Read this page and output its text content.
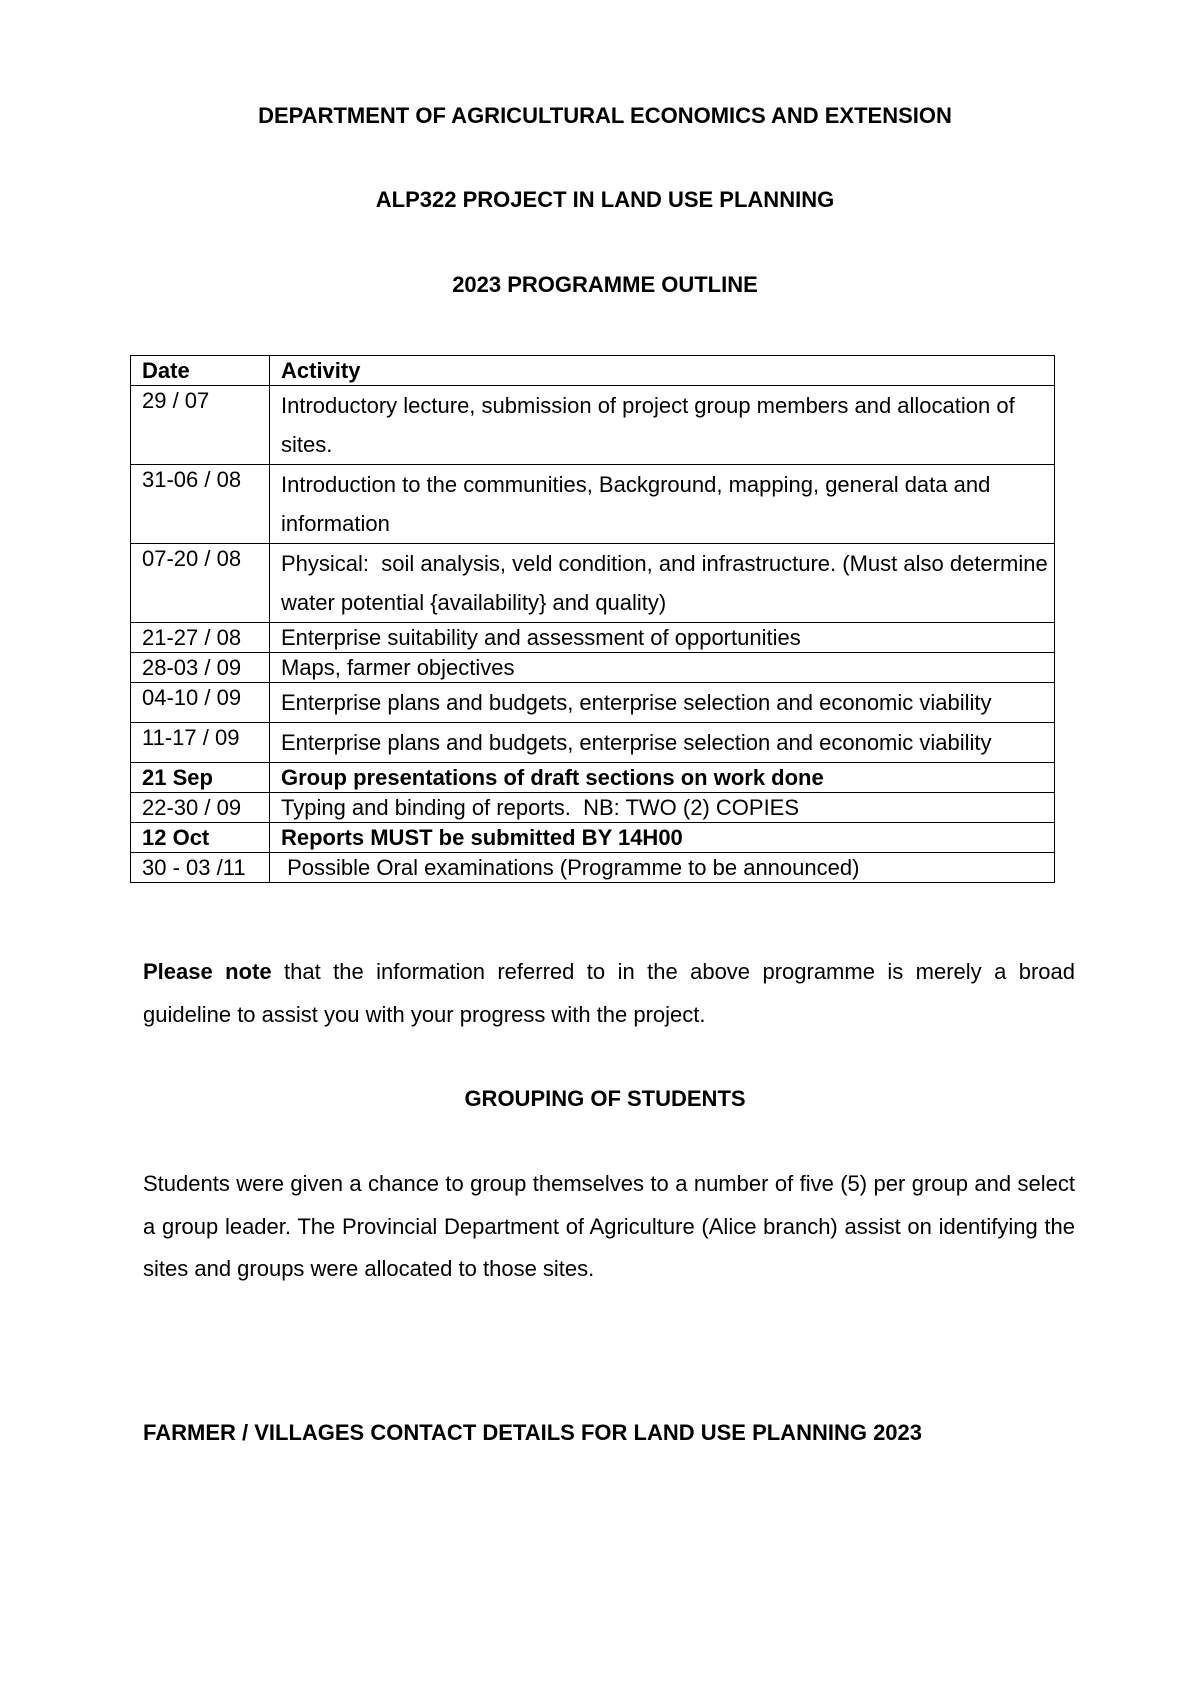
DEPARTMENT OF AGRICULTURAL ECONOMICS AND EXTENSION

ALP322 PROJECT IN LAND USE PLANNING

2023 PROGRAMME OUTLINE

Date	Activity
29 / 07	Introductory lecture, submission of project group members and allocation of sites.
31-06 / 08	Introduction to the communities, Background, mapping, general data and information
07-20 / 08	Physical:  soil analysis, veld condition, and infrastructure. (Must also determine water potential {availability} and quality)
21-27 / 08	Enterprise suitability and assessment of opportunities
28-03 / 09	Maps, farmer objectives
04-10 / 09	Enterprise plans and budgets, enterprise selection and economic viability
11-17 / 09	Enterprise plans and budgets, enterprise selection and economic viability
21 Sep	Group presentations of draft sections on work done
22-30 / 09	Typing and binding of reports.  NB: TWO (2) COPIES
12 Oct	Reports MUST be submitted BY 14H00
30 - 03 /11	Possible Oral examinations (Programme to be announced)

Please note that the information referred to in the above programme is merely a broad guideline to assist you with your progress with the project.

GROUPING OF STUDENTS

Students were given a chance to group themselves to a number of five (5) per group and select a group leader. The Provincial Department of Agriculture (Alice branch) assist on identifying the sites and groups were allocated to those sites.

FARMER / VILLAGES CONTACT DETAILS FOR LAND USE PLANNING 2023
